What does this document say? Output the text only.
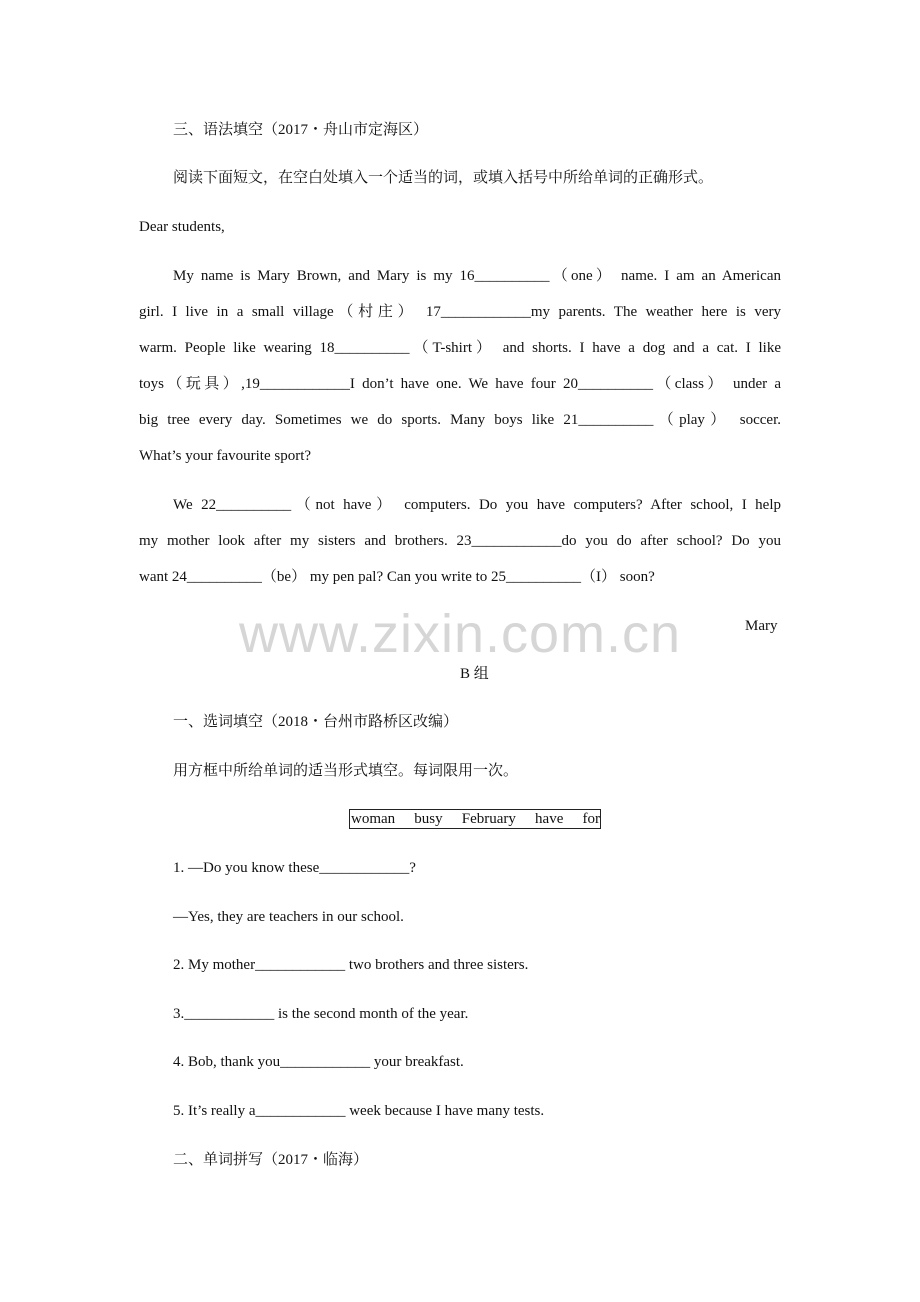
三、语法填空（2017・舟山市定海区）
阅读下面短文，在空白处填入一个适当的词，或填入括号中所给单词的正确形式。
Dear students,
My name is Mary Brown, and Mary is my 16__________（one） name. I am an American
girl. I live in a small village（村庄） 17____________my parents. The weather here is very
warm. People like wearing 18__________（T-shirt） and shorts. I have a dog and a cat. I like
toys（玩具）,19____________I don’t have one. We have four 20__________（class） under a
big tree every day. Sometimes we do sports. Many boys like 21__________（play） soccer.
What’s your favourite sport?
We 22__________（not have） computers. Do you have computers? After school, I help
my mother look after my sisters and brothers. 23____________do you do after school? Do you
want 24__________（be） my pen pal? Can you write to 25__________（I） soon?
Mary
www.zixin.com.cn
B 组
一、选词填空（2018・台州市路桥区改编）
用方框中所给单词的适当形式填空。每词限用一次。
woman busy February have for
1. —Do you know these____________?
—Yes, they are teachers in our school.
2. My mother____________ two brothers and three sisters.
3.____________ is the second month of the year.
4. Bob, thank you____________ your breakfast.
5. It’s really a____________ week because I have many tests.
二、单词拼写（2017・临海）
